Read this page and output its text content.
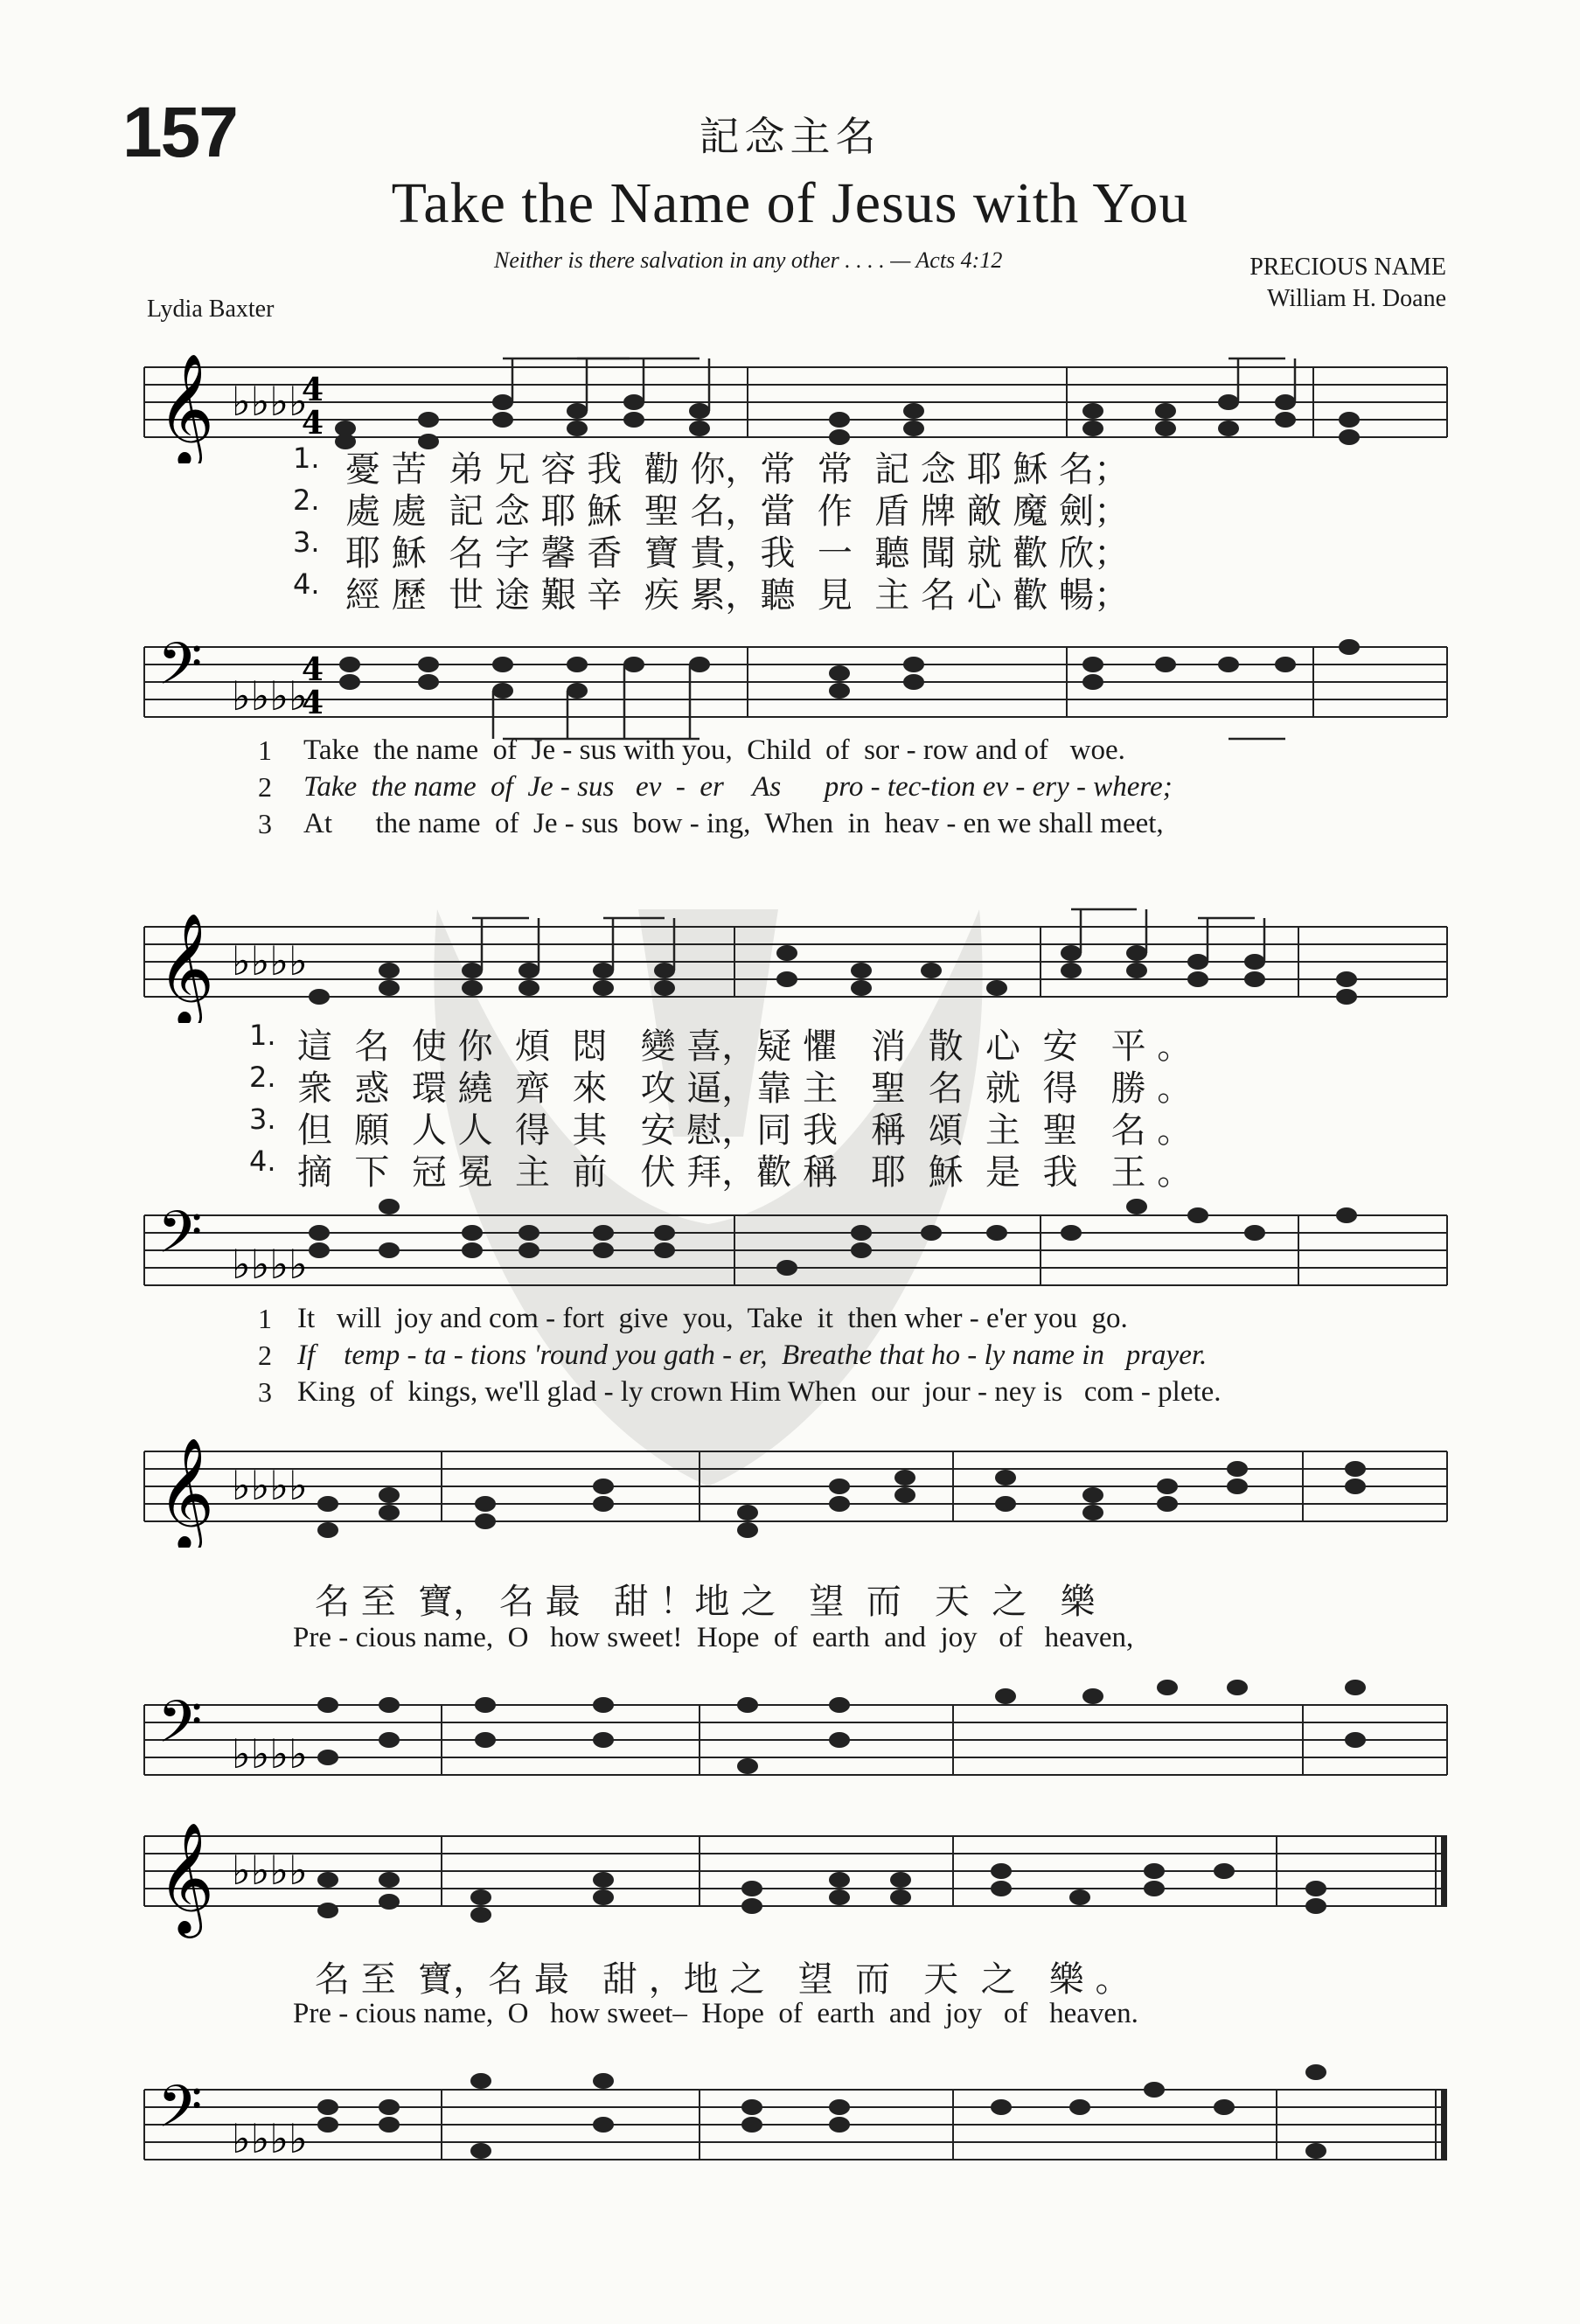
157	記念主名
Take the Name of Jesus with You
Neither is there salvation in any other . . . . — Acts 4:12	PRECIOUS NAME
William H. Doane
Lydia Baxter
𝄞 ♭♭♭♭
4
4
1. 憂 苦  弟 兄 容 我  勸 你，常  常  記 念 耶 穌 名；
2. 處 處  記 念 耶 穌  聖 名，當  作  盾 牌 敵 魔 劍；
3. 耶 穌  名 字 馨 香  寶 貴，我  一  聽 聞 就 歡 欣；
4. 經 歷  世 途 艱 辛  疾 累，聽  見  主 名 心 歡 暢；
𝄢 ♭♭♭♭
4
4
1 Take  the name  of  Je - sus with you,  Child  of  sor - row and of   woe.
2 Take  the name  of  Je - sus   ev  -  er    As      pro - tec-tion ev - ery - where;
3 At      the name  of  Je - sus  bow - ing,  When  in  heav - en we shall meet,
𝄞 ♭♭♭♭
1. 這  名  使 你  煩  悶   變 喜，疑 懼   消  散  心  安   平 。
2. 衆  惑  環 繞  齊  來   攻 逼，靠 主   聖  名  就  得   勝 。
3. 但  願  人 人  得  其   安 慰，同 我   稱  頌  主  聖   名 。
4. 摘  下  冠 冕  主  前   伏 拜，歡 稱   耶  穌  是  我   王 。
𝄢 ♭♭♭♭
1 It   will  joy and com - fort  give  you,  Take  it  then wher - e'er you  go.
2 If    temp - ta - tions 'round you gath - er,  Breathe that ho - ly name in   prayer.
3 King  of  kings, we'll glad - ly crown Him When  our  jour - ney is   com - plete.
𝄞 ♭♭♭♭
名 至  寶， 名 最   甜 ！地 之   望  而   天  之   樂
Pre - cious name,  O   how sweet!  Hope  of  earth  and  joy   of   heaven,
𝄢 ♭♭♭♭
𝄞 ♭♭♭♭
名 至  寶，名 最   甜 ，地 之   望  而   天  之   樂 。
Pre - cious name,  O   how sweet–  Hope  of  earth  and  joy   of   heaven.
𝄢 ♭♭♭♭
